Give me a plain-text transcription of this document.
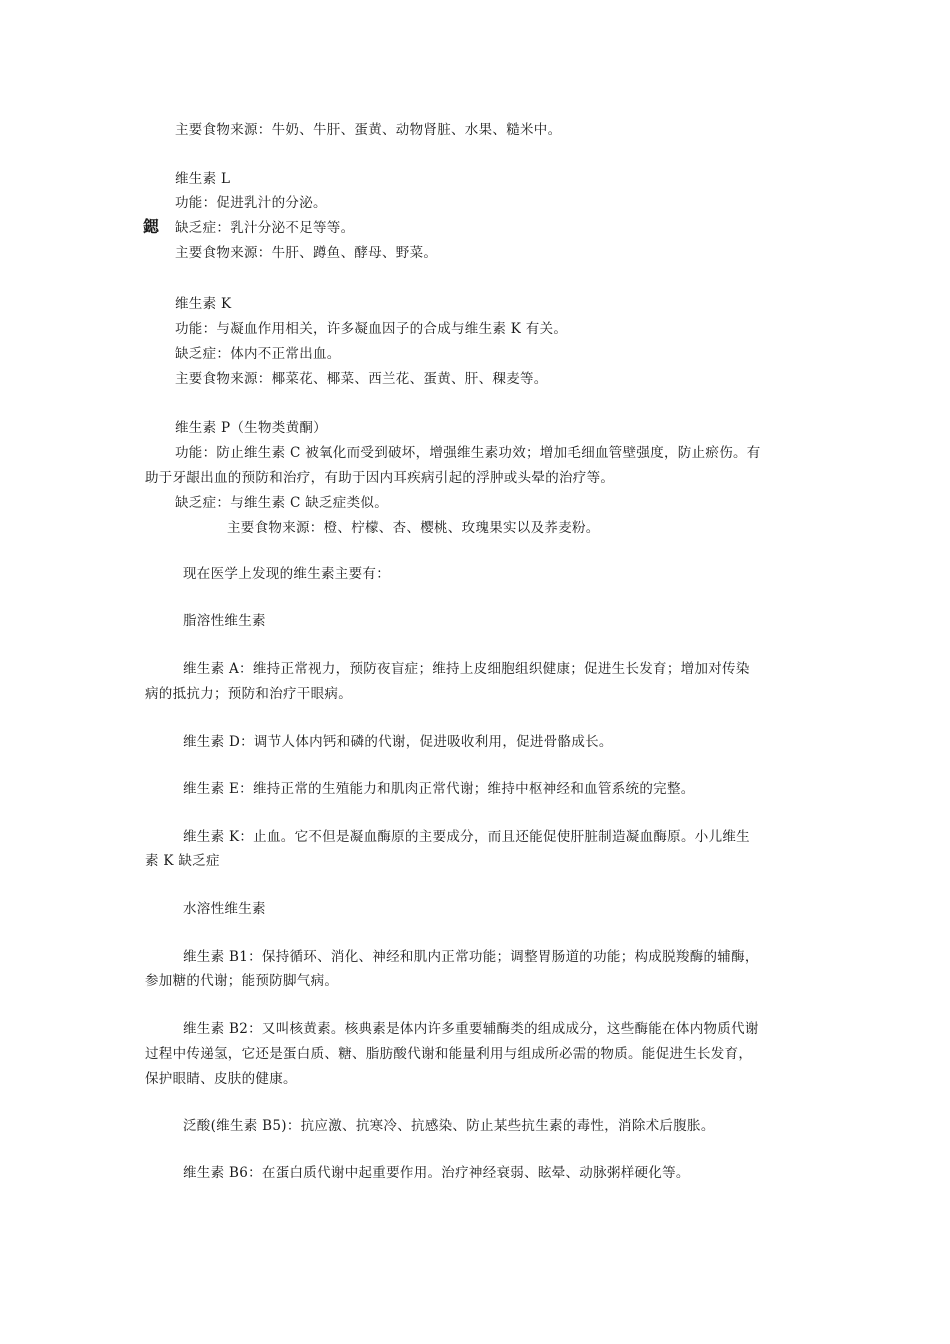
主要食物来源：牛奶、牛肝、蛋黄、动物肾脏、水果、糙米中。
维生素 L
功能：促进乳汁的分泌。
鍶 缺乏症：乳汁分泌不足等等。
主要食物来源：牛肝、蹲鱼、酵母、野菜。
维生素 K
功能：与凝血作用相关，许多凝血因子的合成与维生素 K 有关。
缺乏症：体内不正常出血。
主要食物来源：椰菜花、椰菜、西兰花、蛋黄、肝、稞麦等。
维生素 P（生物类黄酮）
功能：防止维生素 C 被氧化而受到破坏，增强维生素功效；增加毛细血管壁强度，防止瘀伤。有
助于牙龈出血的预防和治疗，有助于因内耳疾病引起的浮肿或头晕的治疗等。
缺乏症：与维生素 C 缺乏症类似。
主要食物来源：橙、柠檬、杏、樱桃、玫瑰果实以及荞麦粉。
现在医学上发现的维生素主要有：
脂溶性维生素
维生素 A：维持正常视力，预防夜盲症；维持上皮细胞组织健康；促进生长发育；增加对传染
病的抵抗力；预防和治疗干眼病。
维生素 D：调节人体内钙和磷的代谢，促进吸收利用，促进骨骼成长。
维生素 E：维持正常的生殖能力和肌肉正常代谢；维持中枢神经和血管系统的完整。
维生素 K：止血。它不但是凝血酶原的主要成分，而且还能促使肝脏制造凝血酶原。小儿维生
素 K 缺乏症
水溶性维生素
维生素 B1：保持循环、消化、神经和肌内正常功能；调整胃肠道的功能；构成脱羧酶的辅酶，
参加糖的代谢；能预防脚气病。
维生素 B2：又叫核黄素。核典素是体内许多重要辅酶类的组成成分，这些酶能在体内物质代谢
过程中传递氢，它还是蛋白质、糖、脂肪酸代谢和能量利用与组成所必需的物质。能促进生长发育，
保护眼睛、皮肤的健康。
泛酸(维生素 B5)：抗应激、抗寒冷、抗感染、防止某些抗生素的毒性，消除术后腹胀。
维生素 B6：在蛋白质代谢中起重要作用。治疗神经衰弱、眩晕、动脉粥样硬化等。
